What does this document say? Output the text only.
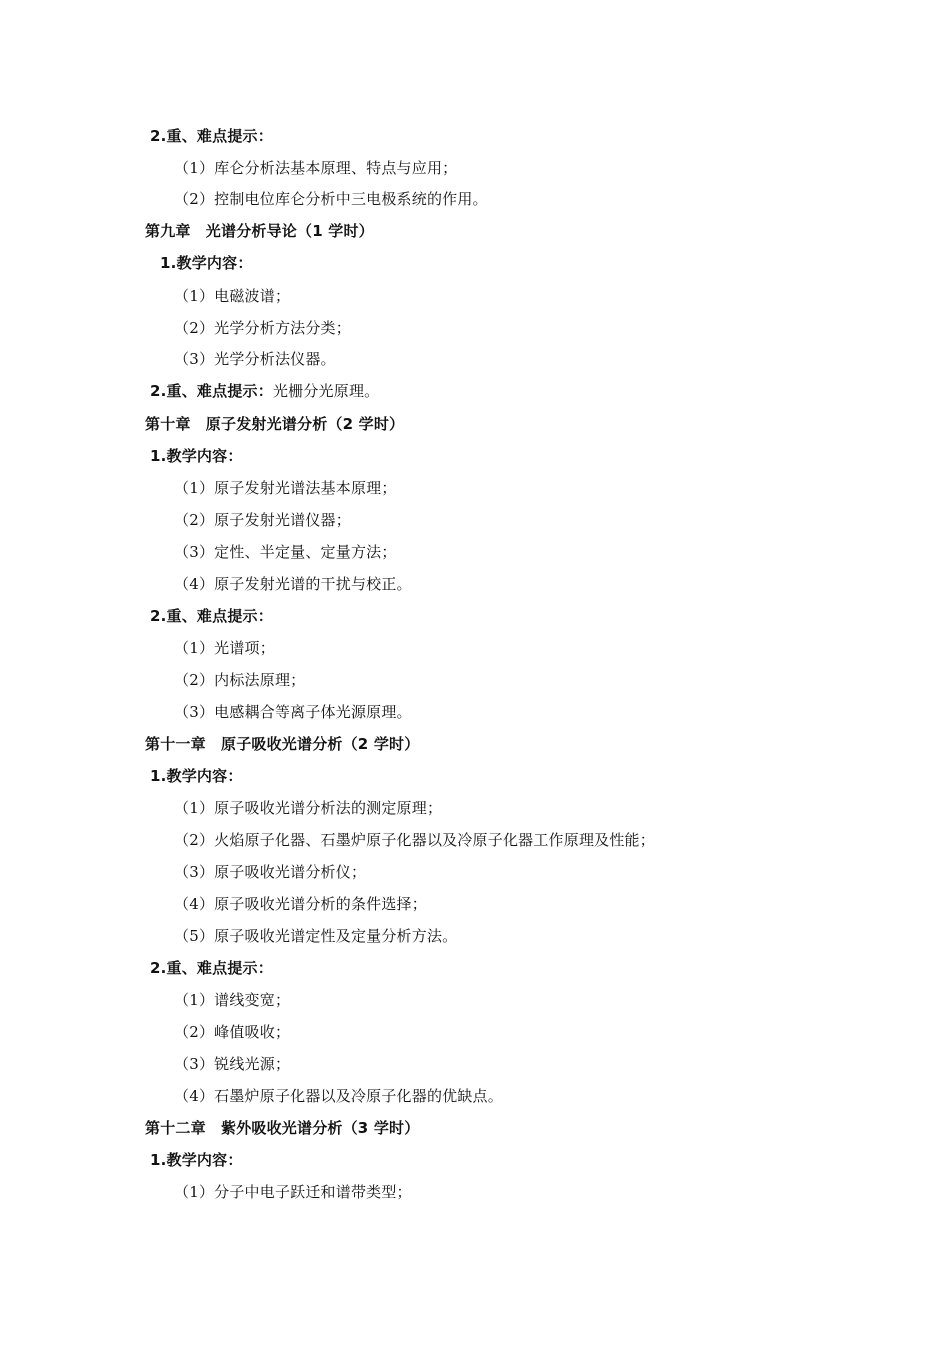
2.重、难点提示：
（1）库仑分析法基本原理、特点与应用；
（2）控制电位库仑分析中三电极系统的作用。
第九章　光谱分析导论（1 学时）
1.教学内容：
（1）电磁波谱；
（2）光学分析方法分类；
（3）光学分析法仪器。
2.重、难点提示：光栅分光原理。
第十章　原子发射光谱分析（2 学时）
1.教学内容：
（1）原子发射光谱法基本原理；
（2）原子发射光谱仪器；
（3）定性、半定量、定量方法；
（4）原子发射光谱的干扰与校正。
2.重、难点提示：
（1）光谱项；
（2）内标法原理；
（3）电感耦合等离子体光源原理。
第十一章　原子吸收光谱分析（2 学时）
1.教学内容：
（1）原子吸收光谱分析法的测定原理；
（2）火焰原子化器、石墨炉原子化器以及冷原子化器工作原理及性能；
（3）原子吸收光谱分析仪；
（4）原子吸收光谱分析的条件选择；
（5）原子吸收光谱定性及定量分析方法。
2.重、难点提示：
（1）谱线变宽；
（2）峰值吸收；
（3）锐线光源；
（4）石墨炉原子化器以及冷原子化器的优缺点。
第十二章　紫外吸收光谱分析（3 学时）
1.教学内容：
（1）分子中电子跃迁和谱带类型；
